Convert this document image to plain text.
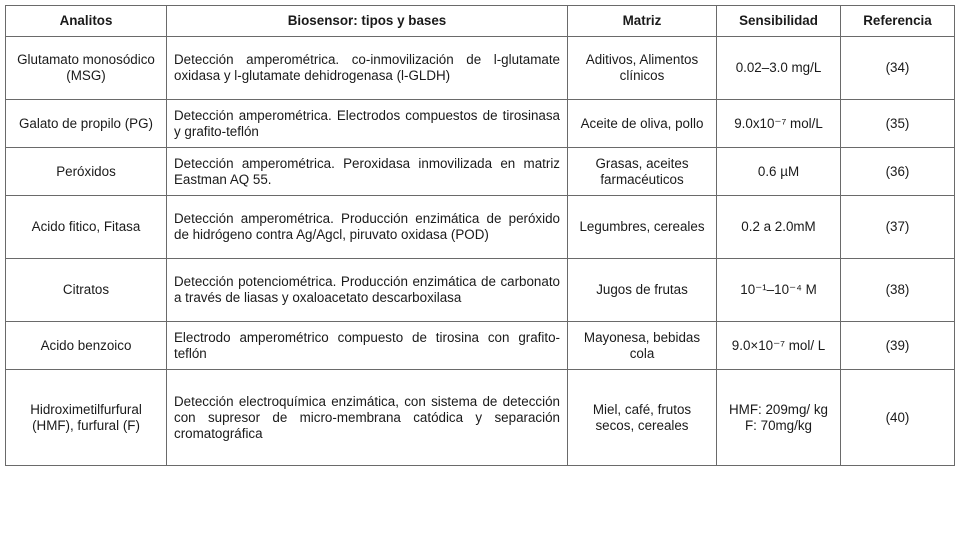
Analitos	Biosensor: tipos y bases	Matriz	Sensibilidad	Referencia
Glutamato monosódico (MSG)	Detección amperométrica. co-inmovilización de l-glutamate oxidasa y l-glutamate dehidrogenasa (l-GLDH)	Aditivos, Alimentos clínicos	0.02–3.0 mg/L	(34)
Galato de propilo (PG)	Detección amperométrica. Electrodos compuestos de tirosinasa y grafito-teflón	Aceite de oliva, pollo	9.0x10⁻⁷ mol/L	(35)
Peróxidos	Detección amperométrica. Peroxidasa inmovilizada en matriz Eastman AQ 55.	Grasas, aceites farmacéuticos	0.6 µM	(36)
Acido fitico, Fitasa	Detección amperométrica. Producción enzimática de peróxido de hidrógeno contra Ag/Agcl, piruvato oxidasa (POD)	Legumbres, cereales	0.2 a 2.0mM	(37)
Citratos	Detección potenciométrica. Producción enzimática de carbonato a través de liasas y oxaloacetato descarboxilasa	Jugos de frutas	10⁻¹–10⁻⁴ M	(38)
Acido benzoico	Electrodo amperométrico compuesto de tirosina con grafito-teflón	Mayonesa, bebidas cola	9.0×10⁻⁷ mol/ L	(39)
Hidroximetilfurfural (HMF), furfural (F)	Detección electroquímica enzimática, con sistema de detección con supresor de micro-membrana catódica y separación cromatográfica	Miel, café, frutos secos, cereales	HMF: 209mg/ kg F: 70mg/kg	(40)
